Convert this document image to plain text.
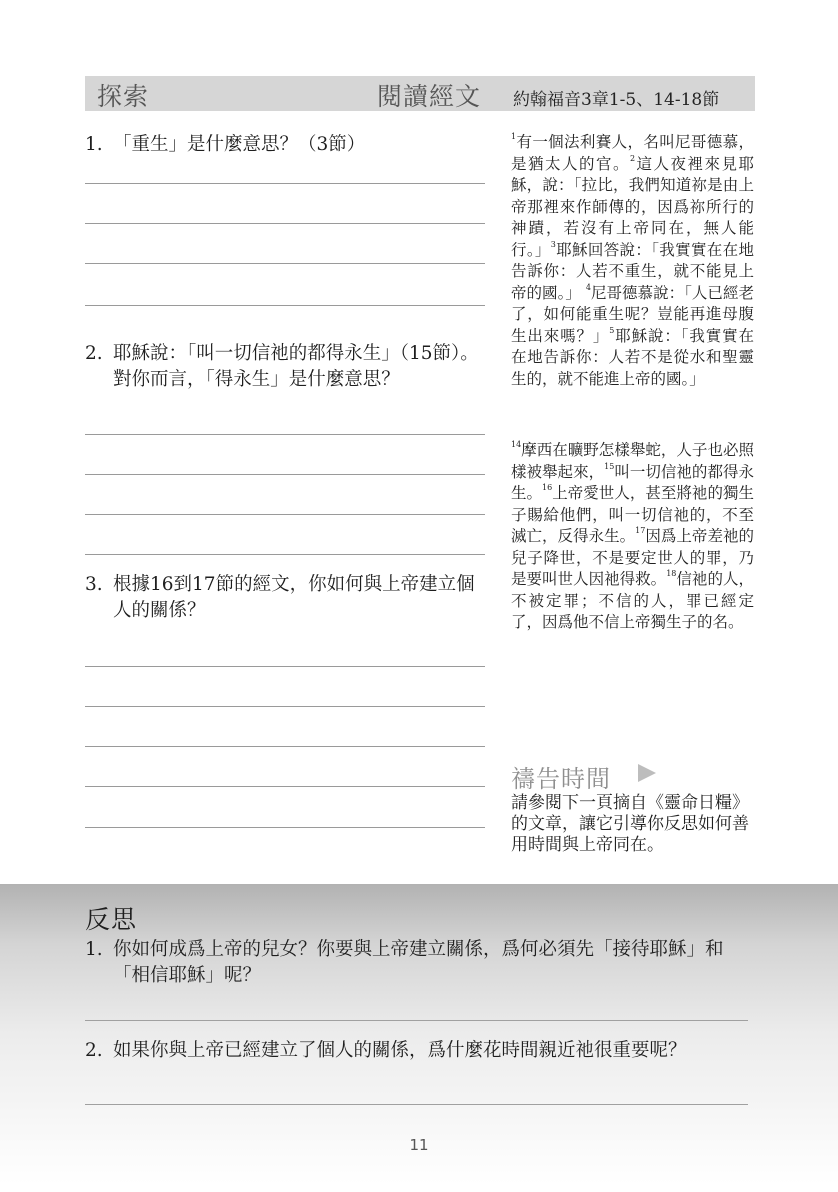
探索	閱讀經文 約翰福音3章1-5、14-18節
1. 「重生」是什麼意思？（3節）
2. 耶穌說：「叫一切信祂的都得永生」（15節）。對你而言，「得永生」是什麼意思？
3. 根據16到17節的經文，你如何與上帝建立個人的關係？
$^1$有一個法利賽人，名叫尼哥德慕，是猶太人的官。$^2$這人夜裡來見耶穌，說：「拉比，我們知道祢是由上帝那裡來作師傳的，因爲祢所行的神蹟，若沒有上帝同在，無人能行。」$^3$耶穌回答說：「我實實在在地告訴你：人若不重生，就不能見上帝的國。」 $^4$尼哥德慕說：「人已經老了，如何能重生呢？豈能再進母腹生出來嗎？」$^5$耶穌說：「我實實在在地告訴你：人若不是從水和聖靈生的，就不能進上帝的國。」
$^{14}$摩西在曠野怎樣舉蛇，人子也必照樣被舉起來，$^{15}$叫一切信祂的都得永生。$^{16}$上帝愛世人，甚至將祂的獨生子賜給他們，叫一切信祂的，不至滅亡，反得永生。$^{17}$因爲上帝差祂的兒子降世，不是要定世人的罪，乃是要叫世人因祂得救。$^{18}$信祂的人，不被定罪；不信的人，罪已經定了，因爲他不信上帝獨生子的名。
禱告時間
請參閱下一頁摘自《靈命日糧》的文章，讓它引導你反思如何善用時間與上帝同在。
反思
1. 你如何成爲上帝的兒女？你要與上帝建立關係，爲何必須先「接待耶穌」和「相信耶穌」呢？
2. 如果你與上帝已經建立了個人的關係，爲什麼花時間親近祂很重要呢？
11
